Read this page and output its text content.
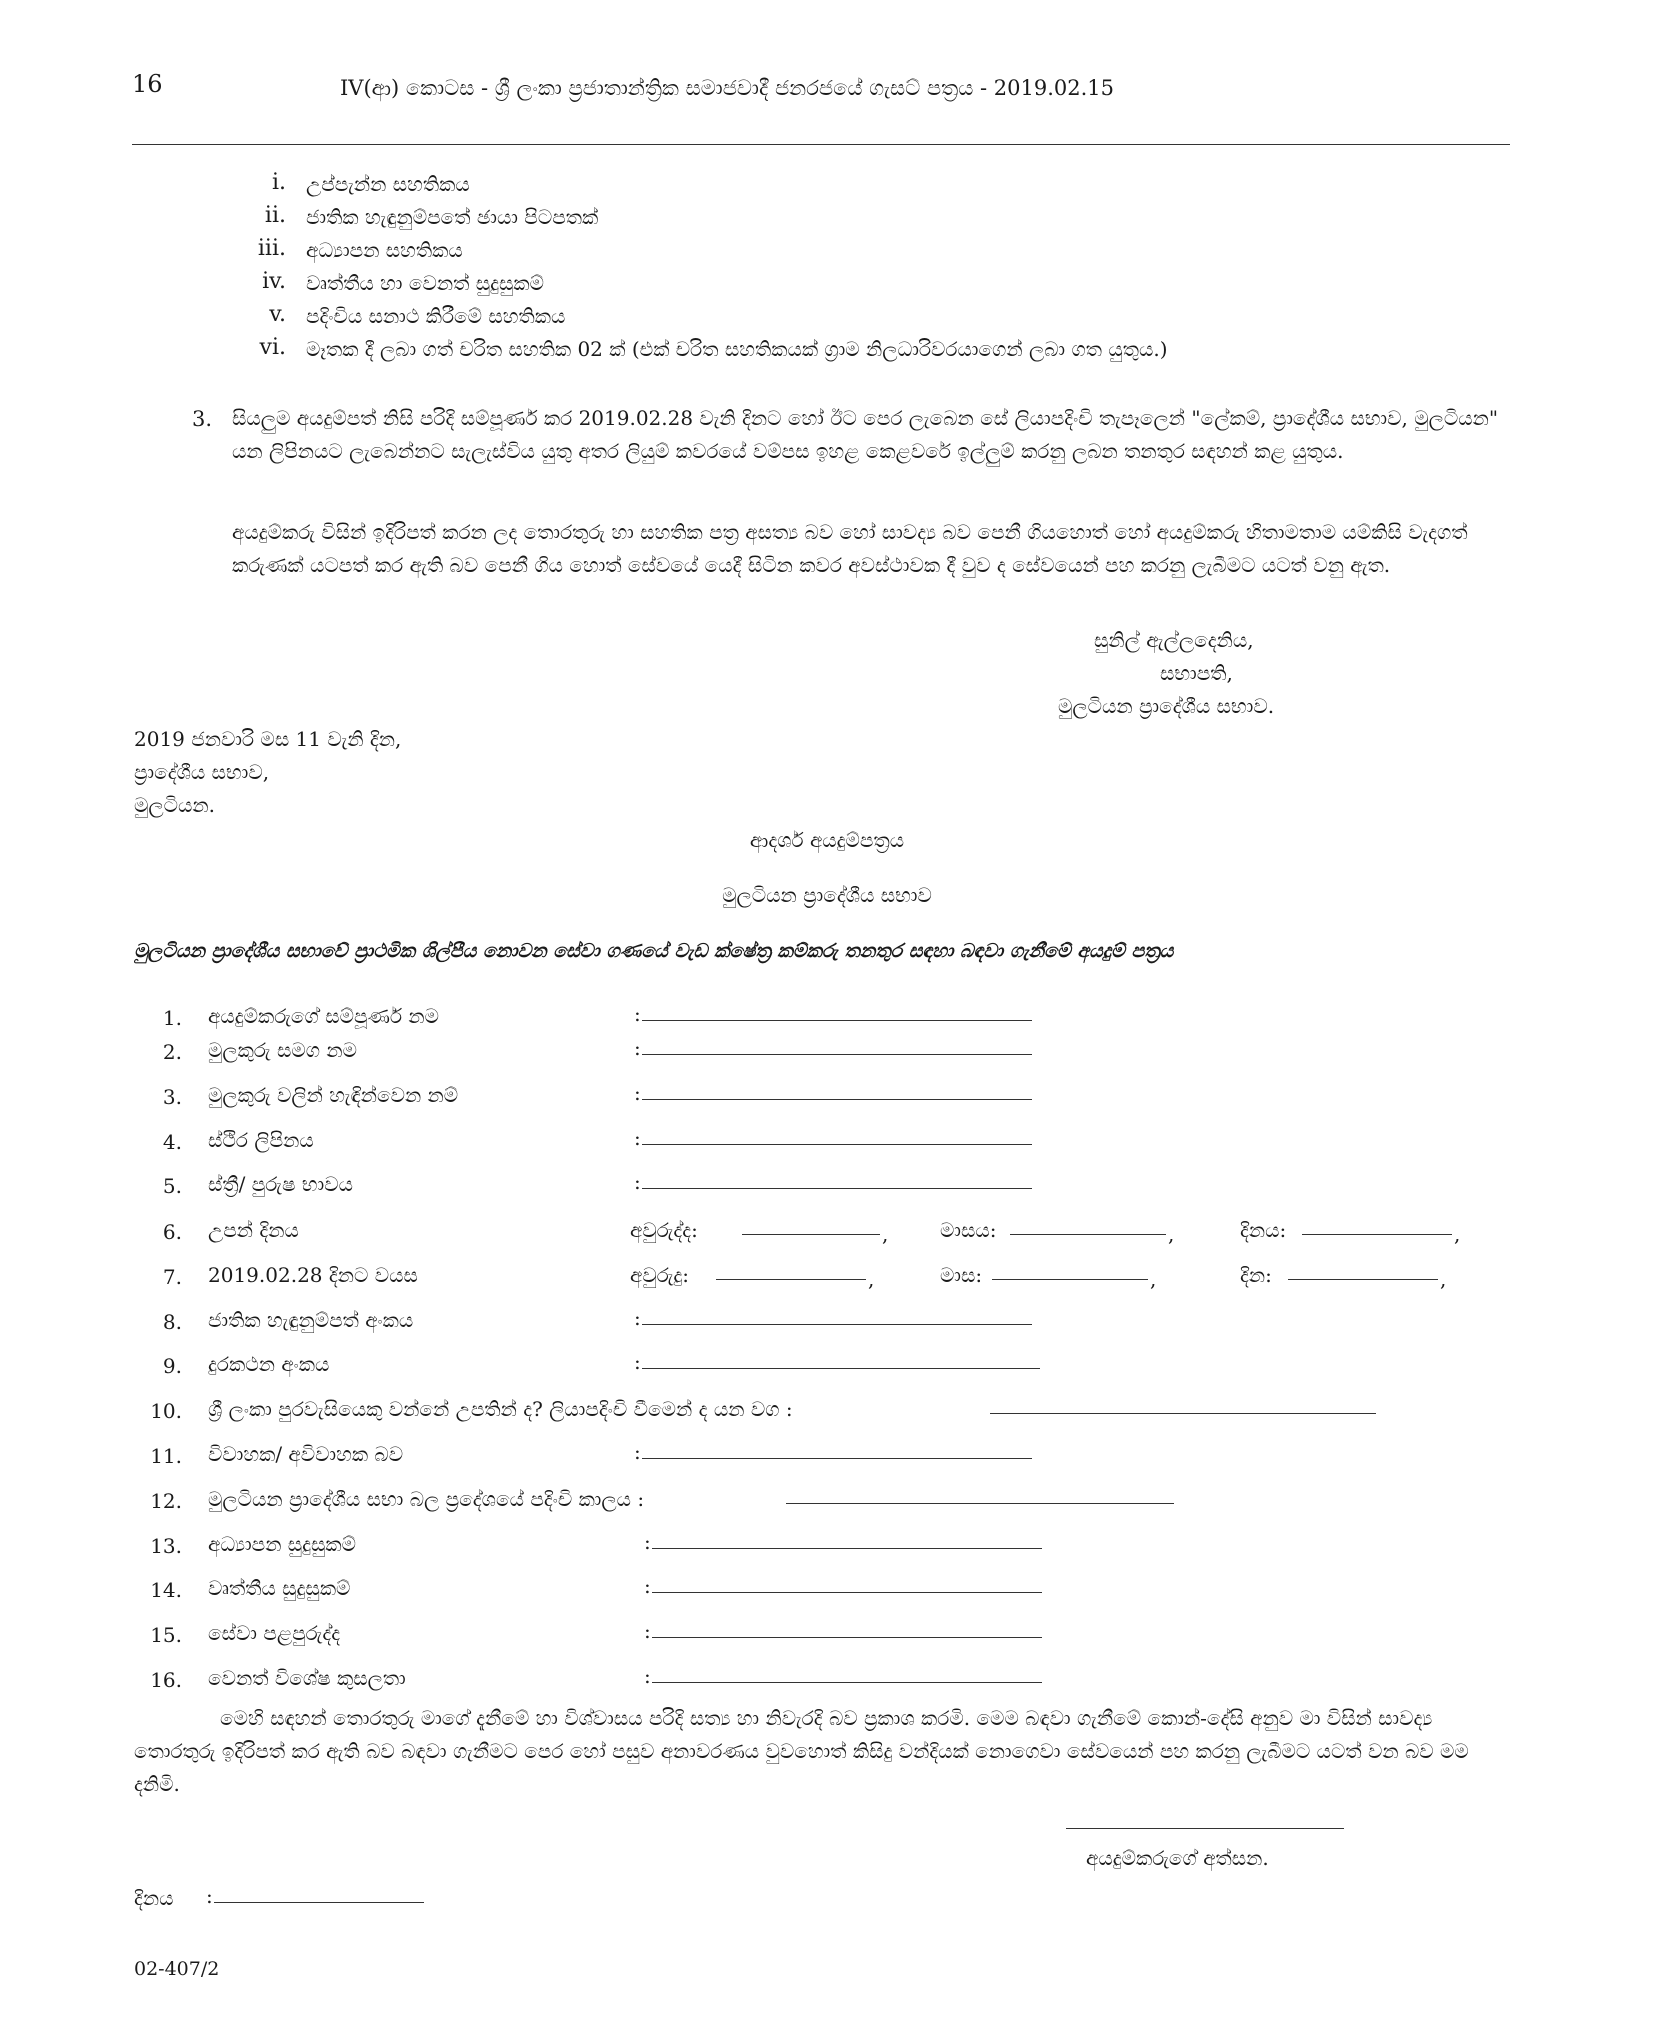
16	IV(ආ) කොටස - ශ්‍රී ලංකා ප්‍රජාතාන්ත්‍රික සමාජවාදී ජනරජයේ ගැසට් පත්‍රය - 2019.02.15
i. උප්පැන්න සහතිකය
ii. ජාතික හැඳුනුම්පතේ ඡායා පිටපතක්
iii. අධ්‍යාපන සහතිකය
iv. වෘත්තීය හා වෙනත් සුදුසුකම්
v. පදිංචිය සනාථ කිරීමේ සහතිකය
vi. මෑතක දී ලබා ගත් චරිත සහතික 02 ක් (එක් චරිත සහතිකයක් ග්‍රාම නිලධාරිවරයාගෙන් ලබා ගත යුතුය.)
3. සියලුම අයදුම්පත් නිසි පරිදි සම්පූර්ණ කර 2019.02.28 වැනි දිනට හෝ ඊට පෙර ලැබෙන සේ ලියාපදිංචි තැපෑලෙන් "ලේකම්, ප්‍රාදේශීය සභාව, මුලටියන" යන ලිපිනයට ලැබෙන්නට සැලැස්විය යුතු අතර ලියුම් කවරයේ වම්පස ඉහළ කෙළවරේ ඉල්ලුම් කරනු ලබන තනතුර සඳහන් කළ යුතුය.
අයදුම්කරු විසින් ඉදිරිපත් කරන ලද තොරතුරු හා සහතික පත්‍ර අසත්‍ය බව හෝ සාවද්‍ය බව පෙනී ගියහොත් හෝ අයදුම්කරු හිතාමතාම යම්කිසි වැදගත් කරුණක් යටපත් කර ඇති බව පෙනී ගිය හොත් සේවයේ යෙදී සිටින කවර අවස්ථාවක දී වුව ද සේවයෙන් පහ කරනු ලැබීමට යටත් වනු ඇත.
සුනිල් ඇල්ලදෙනිය,
සභාපති,
මුලටියන ප්‍රාදේශීය සභාව.
2019 ජනවාරි මස 11 වැනි දින,
ප්‍රාදේශීය සභාව,
මුලටියන.
ආදර්ශ අයදුම්පත්‍රය
මුලටියන ප්‍රාදේශීය සභාව
මුලටියන ප්‍රාදේශීය සභාවේ ප්‍රාථමික ශිල්පීය නොවන සේවා ගණයේ වැඩ ක්ෂේත්‍ර කම්කරු තනතුර සඳහා බඳවා ගැනීමේ අයදුම් පත්‍රය
1. අයදුම්කරුගේ සම්පූර්ණ නම	:
2. මුලකුරු සමග නම	:
3. මුලකුරු වලින් හැඳින්වෙන නම්	:
4. ස්ථිර ලිපිනය	:
5. ස්ත්‍රී/ පුරුෂ භාවය	:
6. උපන් දිනය	අවුරුද්ද:	,	මාසය:	,	දිනය:	,
7. 2019.02.28 දිනට වයස	අවුරුදු:	,	මාස:	,	දින:	,
8. ජාතික හැඳුනුම්පත් අංකය	:
9. දුරකථන අංකය	:
10. ශ්‍රී ලංකා පුරවැසියෙකු වන්නේ උපතින් ද? ලියාපදිංචි වීමෙන් ද යන වග :
11. විවාහක/ අවිවාහක බව	:
12. මුලටියන ප්‍රාදේශීය සභා බල ප්‍රදේශයේ පදිංචි කාලය :
13. අධ්‍යාපන සුදුසුකම්	:
14. වෘත්තීය සුදුසුකම්	:
15. සේවා පළපුරුද්ද	:
16. වෙනත් විශේෂ කුසලතා	:
මෙහි සඳහන් තොරතුරු මාගේ දැනීමේ හා විශ්වාසය පරිදි සත්‍ය හා නිවැරදි බව ප්‍රකාශ කරමි. මෙම බඳවා ගැනීමේ කොන්-දේසි අනුව මා විසින් සාවද්‍ය තොරතුරු ඉදිරිපත් කර ඇති බව බඳවා ගැනීමට පෙර හෝ පසුව අනාවරණය වුවහොත් කිසිදු වන්දියක් නොගෙවා සේවයෙන් පහ කරනු ලැබීමට යටත් වන බව මම දනිමි.
අයදුම්කරුගේ අත්සන.
දිනය :
02-407/2
